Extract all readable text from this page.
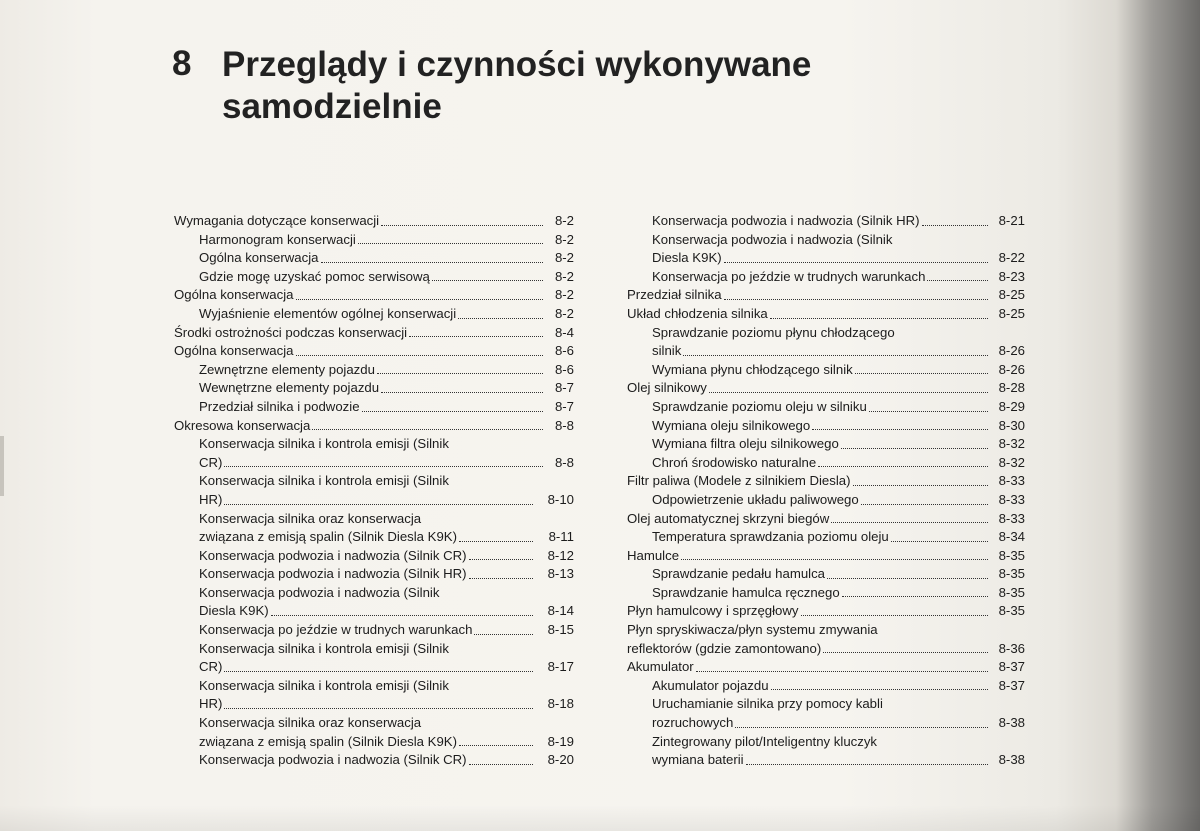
8 Przeglądy i czynności wykonywane samodzielnie
Wymagania dotyczące konserwacji	8-2
Harmonogram konserwacji	8-2
Ogólna konserwacja	8-2
Gdzie mogę uzyskać pomoc serwisową	8-2
Ogólna konserwacja	8-2
Wyjaśnienie elementów ogólnej konserwacji	8-2
Środki ostrożności podczas konserwacji	8-4
Ogólna konserwacja	8-6
Zewnętrzne elementy pojazdu	8-6
Wewnętrzne elementy pojazdu	8-7
Przedział silnika i podwozie	8-7
Okresowa konserwacja	8-8
Konserwacja silnika i kontrola emisji (Silnik
CR)	8-8
Konserwacja silnika i kontrola emisji (Silnik
HR)	8-10
Konserwacja silnika oraz konserwacja
związana z emisją spalin (Silnik Diesla K9K)	8-11
Konserwacja podwozia i nadwozia (Silnik CR)	8-12
Konserwacja podwozia i nadwozia (Silnik HR)	8-13
Konserwacja podwozia i nadwozia (Silnik
Diesla K9K)	8-14
Konserwacja po jeździe w trudnych warunkach	8-15
Konserwacja silnika i kontrola emisji (Silnik
CR)	8-17
Konserwacja silnika i kontrola emisji (Silnik
HR)	8-18
Konserwacja silnika oraz konserwacja
związana z emisją spalin (Silnik Diesla K9K)	8-19
Konserwacja podwozia i nadwozia (Silnik CR)	8-20
Konserwacja podwozia i nadwozia (Silnik HR)	8-21
Konserwacja podwozia i nadwozia (Silnik
Diesla K9K)	8-22
Konserwacja po jeździe w trudnych warunkach	8-23
Przedział silnika	8-25
Układ chłodzenia silnika	8-25
Sprawdzanie poziomu płynu chłodzącego
silnik	8-26
Wymiana płynu chłodzącego silnik	8-26
Olej silnikowy	8-28
Sprawdzanie poziomu oleju w silniku	8-29
Wymiana oleju silnikowego	8-30
Wymiana filtra oleju silnikowego	8-32
Chroń środowisko naturalne	8-32
Filtr paliwa (Modele z silnikiem Diesla)	8-33
Odpowietrzenie układu paliwowego	8-33
Olej automatycznej skrzyni biegów	8-33
Temperatura sprawdzania poziomu oleju	8-34
Hamulce	8-35
Sprawdzanie pedału hamulca	8-35
Sprawdzanie hamulca ręcznego	8-35
Płyn hamulcowy i sprzęgłowy	8-35
Płyn spryskiwacza/płyn systemu zmywania
reflektorów (gdzie zamontowano)	8-36
Akumulator	8-37
Akumulator pojazdu	8-37
Uruchamianie silnika przy pomocy kabli
rozruchowych	8-38
Zintegrowany pilot/Inteligentny kluczyk
wymiana baterii	8-38
